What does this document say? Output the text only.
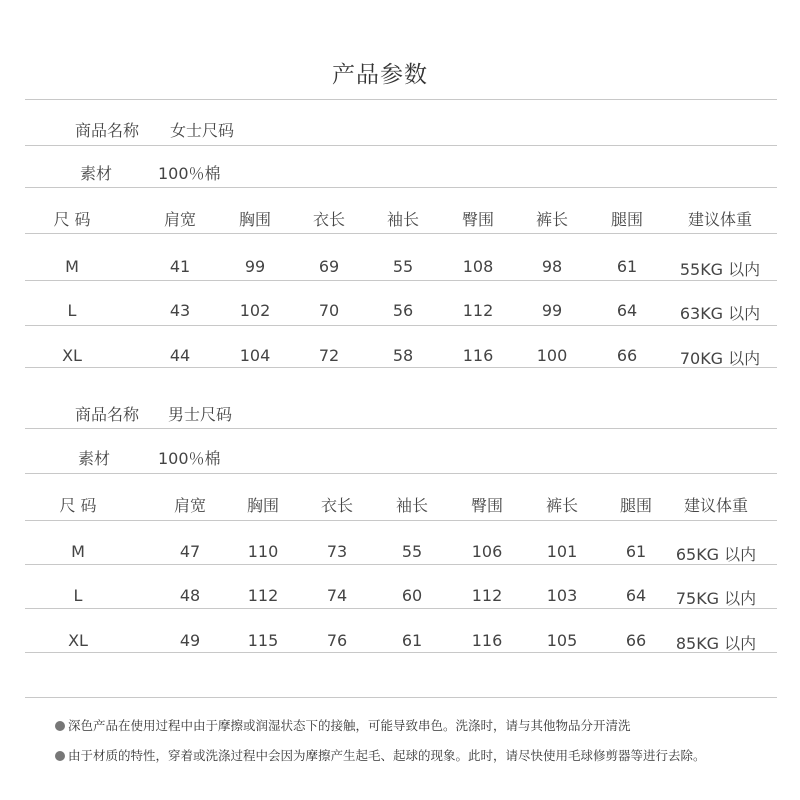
产品参数
商品名称 女士尺码
素材	100％棉
尺 码	肩宽	胸围	衣长	袖长	臀围	裤长	腿围	建议体重
M	41	99	69	55	108	98	61	55KG 以内
L	43	102	70	56	112	99	64	63KG 以内
XL	44	104	72	58	116	100	66	70KG 以内
商品名称 男士尺码
素材	100％棉
尺 码	肩宽	胸围	衣长	袖长	臀围	裤长	腿围 建议体重
M	47	110	73	55	106	101	61 65KG 以内
L	48	112	74	60	112	103	64 75KG 以内
XL	49	115	76	61	116	105	66 85KG 以内
深色产品在使用过程中由于摩擦或润湿状态下的接触，可能导致串色。洗涤时，请与其他物品分开清洗
由于材质的特性，穿着或洗涤过程中会因为摩擦产生起毛、起球的现象。此时，请尽快使用毛球修剪器等进行去除。
